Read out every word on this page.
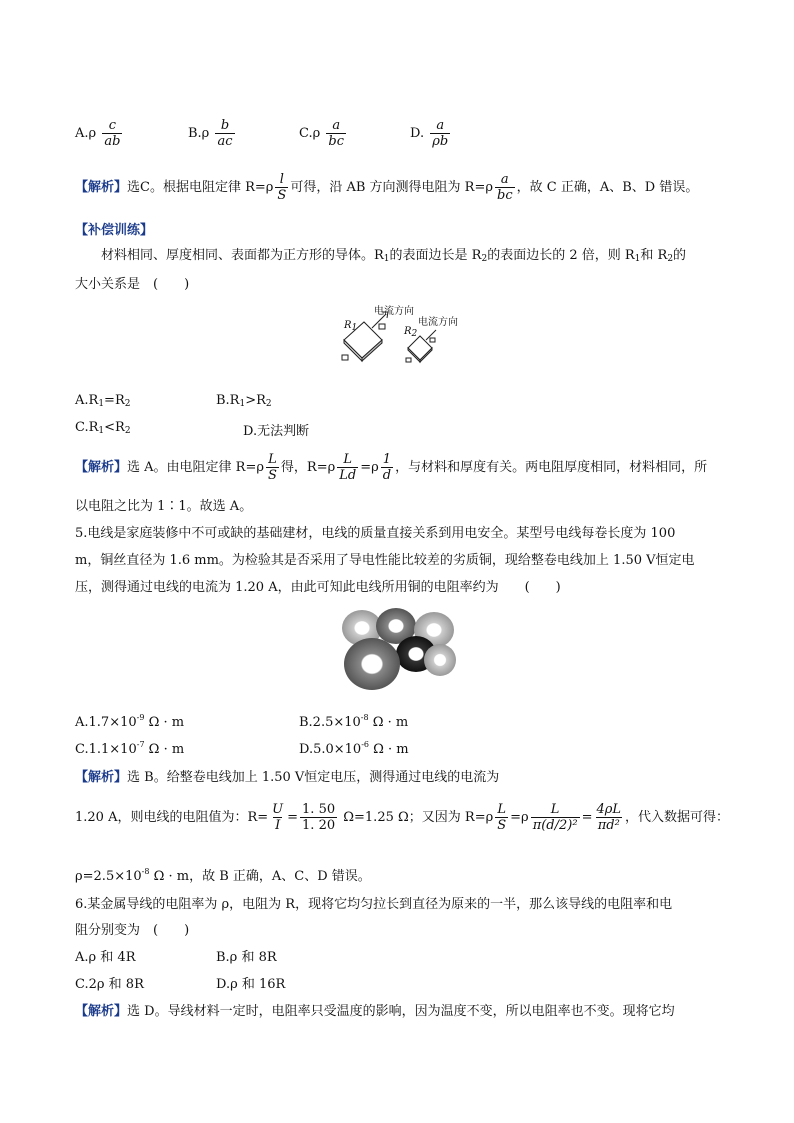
$A.\rho \frac{c}{ab}$	$B.\rho \frac{b}{ac}$	$C.\rho \frac{a}{bc}$	D. $\frac{a}{\rho b}$
【解析】选C。根据电阻定律 $R=\rho \frac{l}{S}$ 可得，沿 AB 方向测得电阻为 $R=\rho \frac{a}{bc}$ ，故 C 正确，A、B、D 错误。
【补偿训练】
材料相同、厚度相同、表面都为正方形的导体。$R_1$的表面边长是 $R_2$的表面边长的 2 倍，则 $R_1$和 $R_2$的
大小关系是　(　　)
电流方向
电流方向
$R_1$	$R_2$
$A.R_1=R_2$	$B.R_1>R_2$
$C.R_1<R_2$	D.无法判断
【解析】选 A。由电阻定律 $R=\rho \frac{L}{S}$ 得，$R=\rho \frac{L}{Ld} =\rho \frac{1}{d}$ ，与材料和厚度有关。两电阻厚度相同，材料相同，所
以电阻之比为 1∶1。故选 A。
5.电线是家庭装修中不可或缺的基础建材，电线的质量直接关系到用电安全。某型号电线每卷长度为 100
m，铜丝直径为 1.6 mm。为检验其是否采用了导电性能比较差的劣质铜，现给整卷电线加上 1.50 V恒定电
压，测得通过电线的电流为 1.20 A，由此可知此电线所用铜的电阻率约为　　(　　)
$A.1.7\times 10^{-9}$ Ω · m	$B.2.5\times 10^{-8}$ Ω · m
$C.1.1\times 10^{-7}$ Ω · m	$D.5.0\times 10^{-6}$ Ω · m
【解析】选 B。给整卷电线加上 1.50 V恒定电压，测得通过电线的电流为
1.20 A，则电线的电阻值为：$R= \frac{U}{I} = \frac{1. 50}{1. 20} \Omega=1.25$ Ω；又因为 $R=\rho \frac{L}{S} =\rho \frac{L}{\text{π(d/2)²}} = \frac{4\rho L}{\text{πd²}}$ ，代入数据可得：
$\rho=2.5\times 10^{-8}$ Ω · m，故 B 正确，A、C、D 错误。
6.某金属导线的电阻率为 ρ，电阻为 R，现将它均匀拉长到直径为原来的一半，那么该导线的电阻率和电
阻分别变为　(　　)
A.ρ 和 4R	B.ρ 和 8R
C.2ρ 和 8R	D.ρ 和 16R
【解析】选 D。导线材料一定时，电阻率只受温度的影响，因为温度不变，所以电阻率也不变。现将它均
